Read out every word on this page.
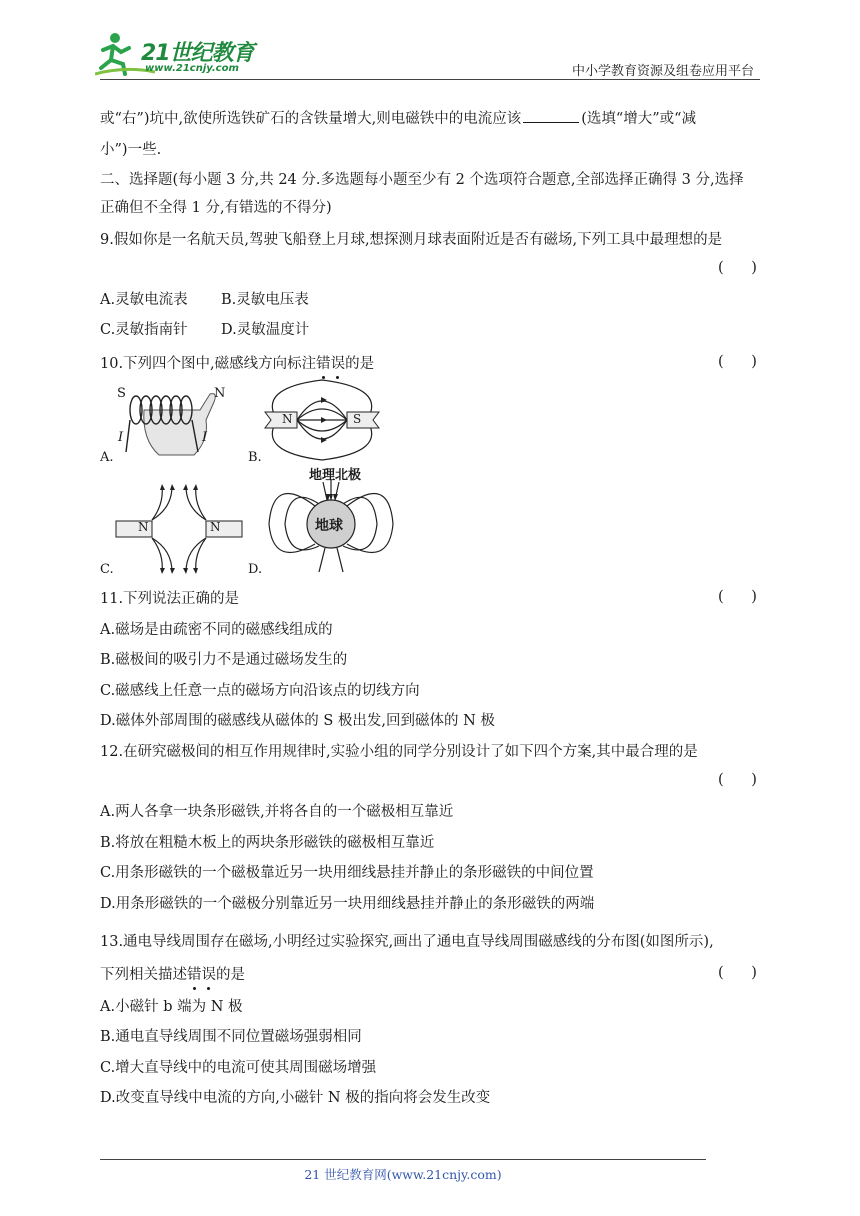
21世纪教育
www.21cnjy.com	中小学教育资源及组卷应用平台
或“右”)坑中,欲使所选铁矿石的含铁量增大,则电磁铁中的电流应该	(选填“增大”或“减
小”)一些.
二、选择题(每小题 3 分,共 24 分.多选题每小题至少有 2 个选项符合题意,全部选择正确得 3 分,选择
正确但不全得 1 分,有错选的不得分)
9.假如你是一名航天员,驾驶飞船登上月球,想探测月球表面附近是否有磁场,下列工具中最理想的是
(      )
A.灵敏电流表 B.灵敏电压表
C.灵敏指南针 D.灵敏温度计
10.下列四个图中,磁感线方向标注错误的是	(      )
A.
S	N
I	I
B.
N	S
C.
N	N
D.
地理北极
地球
11.下列说法正确的是	(      )
A.磁场是由疏密不同的磁感线组成的
B.磁极间的吸引力不是通过磁场发生的
C.磁感线上任意一点的磁场方向沿该点的切线方向
D.磁体外部周围的磁感线从磁体的 S 极出发,回到磁体的 N 极
12.在研究磁极间的相互作用规律时,实验小组的同学分别设计了如下四个方案,其中最合理的是
(      )
A.两人各拿一块条形磁铁,并将各自的一个磁极相互靠近
B.将放在粗糙木板上的两块条形磁铁的磁极相互靠近
C.用条形磁铁的一个磁极靠近另一块用细线悬挂并静止的条形磁铁的中间位置
D.用条形磁铁的一个磁极分别靠近另一块用细线悬挂并静止的条形磁铁的两端
13.通电导线周围存在磁场,小明经过实验探究,画出了通电直导线周围磁感线的分布图(如图所示),
下列相关描述错误的是	(      )
A.小磁针 b 端为 N 极
B.通电直导线周围不同位置磁场强弱相同
C.增大直导线中的电流可使其周围磁场增强
D.改变直导线中电流的方向,小磁针 N 极的指向将会发生改变
21 世纪教育网(www.21cnjy.com)
